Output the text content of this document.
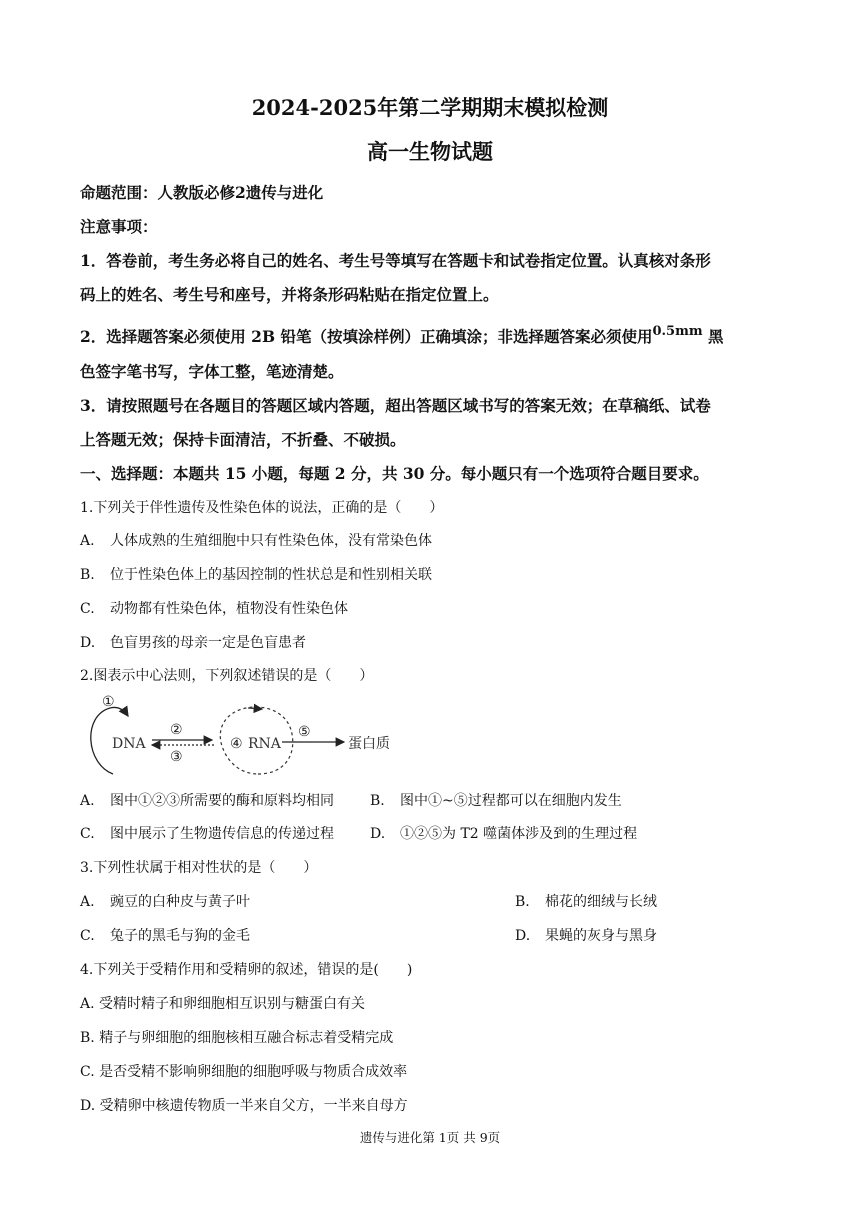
2024-2025年第二学期期末模拟检测
高一生物试题
命题范围：人教版必修2遗传与进化
注意事项：
1．答卷前，考生务必将自己的姓名、考生号等填写在答题卡和试卷指定位置。认真核对条形
码上的姓名、考生号和座号，并将条形码粘贴在指定位置上。
2．选择题答案必须使用 2B 铅笔（按填涂样例）正确填涂；非选择题答案必须使用$^{0.5mm}$ 黑
色签字笔书写，字体工整，笔迹清楚。
3．请按照题号在各题目的答题区域内答题，超出答题区域书写的答案无效；在草稿纸、试卷
上答题无效；保持卡面清洁，不折叠、不破损。
一、选择题：本题共 15 小题，每题 2 分，共 30 分。每小题只有一个选项符合题目要求。
1.下列关于伴性遗传及性染色体的说法，正确的是（　　）
A. 人体成熟的生殖细胞中只有性染色体，没有常染色体
B. 位于性染色体上的基因控制的性状总是和性别相关联
C. 动物都有性染色体，植物没有性染色体
D. 色盲男孩的母亲一定是色盲患者
2.图表示中心法则，下列叙述错误的是（　　）
①
DNA
②
③
④ RNA
⑤
蛋白质
A. 图中①②③所需要的酶和原料均相同	B. 图中①~⑤过程都可以在细胞内发生
C. 图中展示了生物遗传信息的传递过程	D. ①②⑤为 T2 噬菌体涉及到的生理过程
3.下列性状属于相对性状的是（　　）
A. 豌豆的白种皮与黄子叶	B. 棉花的细绒与长绒
C. 兔子的黑毛与狗的金毛	D. 果蝇的灰身与黑身
4.下列关于受精作用和受精卵的叙述，错误的是(　　)
A. 受精时精子和卵细胞相互识别与糖蛋白有关
B. 精子与卵细胞的细胞核相互融合标志着受精完成
C. 是否受精不影响卵细胞的细胞呼吸与物质合成效率
D. 受精卵中核遗传物质一半来自父方，一半来自母方
遗传与进化第 1页 共 9页
